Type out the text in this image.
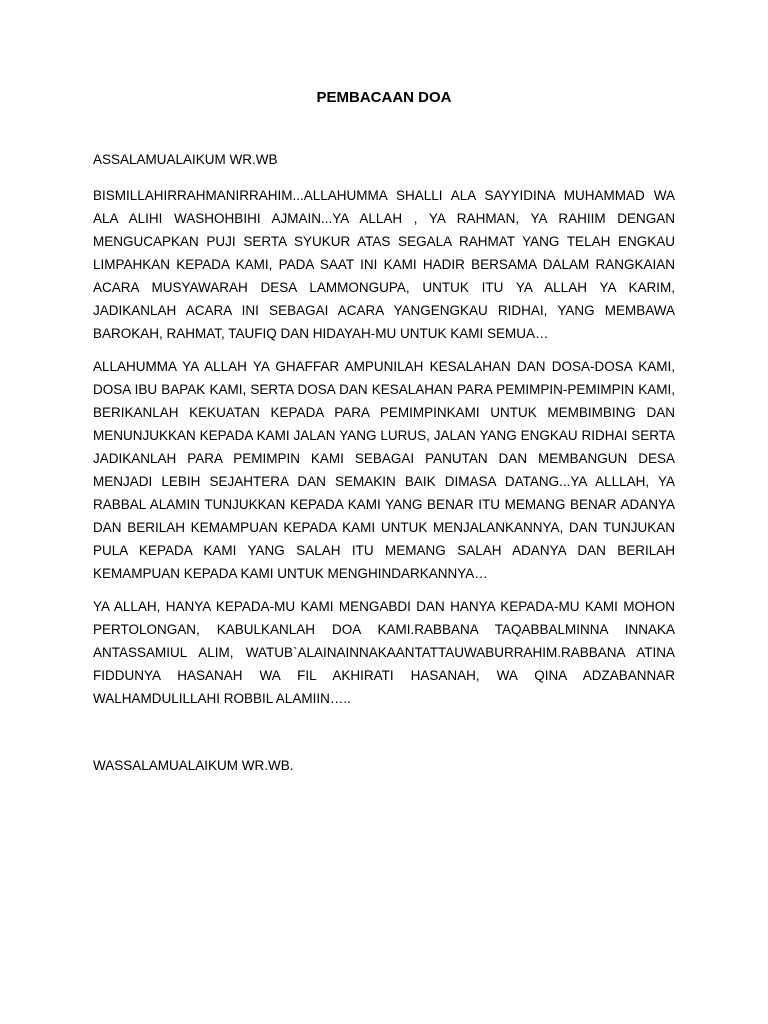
PEMBACAAN DOA

ASSALAMUALAIKUM WR.WB

BISMILLAHIRRAHMANIRRAHIM...ALLAHUMMA SHALLI ALA SAYYIDINA MUHAMMAD WA ALA ALIHI WASHOHBIHI AJMAIN...YA ALLAH , YA RAHMAN, YA RAHIIM DENGAN MENGUCAPKAN PUJI SERTA SYUKUR ATAS SEGALA RAHMAT YANG TELAH ENGKAU LIMPAHKAN KEPADA KAMI, PADA SAAT INI KAMI HADIR BERSAMA DALAM RANGKAIAN ACARA MUSYAWARAH DESA LAMMONGUPA, UNTUK ITU YA ALLAH YA KARIM, JADIKANLAH ACARA INI SEBAGAI ACARA YANGENGKAU RIDHAI, YANG MEMBAWA BAROKAH, RAHMAT, TAUFIQ DAN HIDAYAH-MU UNTUK KAMI SEMUA…

ALLAHUMMA YA ALLAH YA GHAFFAR AMPUNILAH KESALAHAN DAN DOSA-DOSA KAMI, DOSA IBU BAPAK KAMI, SERTA DOSA DAN KESALAHAN PARA PEMIMPIN-PEMIMPIN KAMI, BERIKANLAH KEKUATAN KEPADA PARA PEMIMPINKAMI UNTUK MEMBIMBING DAN MENUNJUKKAN KEPADA KAMI JALAN YANG LURUS, JALAN YANG ENGKAU RIDHAI SERTA JADIKANLAH PARA PEMIMPIN KAMI SEBAGAI PANUTAN DAN MEMBANGUN DESA MENJADI LEBIH SEJAHTERA DAN SEMAKIN BAIK DIMASA DATANG...YA ALLLAH, YA RABBAL ALAMIN TUNJUKKAN KEPADA KAMI YANG BENAR ITU MEMANG BENAR ADANYA DAN BERILAH KEMAMPUAN KEPADA KAMI UNTUK MENJALANKANNYA, DAN TUNJUKAN PULA KEPADA KAMI YANG SALAH ITU MEMANG SALAH ADANYA DAN BERILAH KEMAMPUAN KEPADA KAMI UNTUK MENGHINDARKANNYA…

YA ALLAH, HANYA KEPADA-MU KAMI MENGABDI DAN HANYA KEPADA-MU KAMI MOHON PERTOLONGAN, KABULKANLAH DOA KAMI.RABBANA TAQABBALMINNA INNAKA ANTASSAMIUL ALIM, WATUB`ALAINAINNAKAANTATTAUWABURRAHIM.RABBANA ATINA FIDDUNYA HASANAH WA FIL AKHIRATI HASANAH, WA QINA ADZABANNAR WALHAMDULILLAHI ROBBIL ALAMIIN…..

WASSALAMUALAIKUM WR.WB.
